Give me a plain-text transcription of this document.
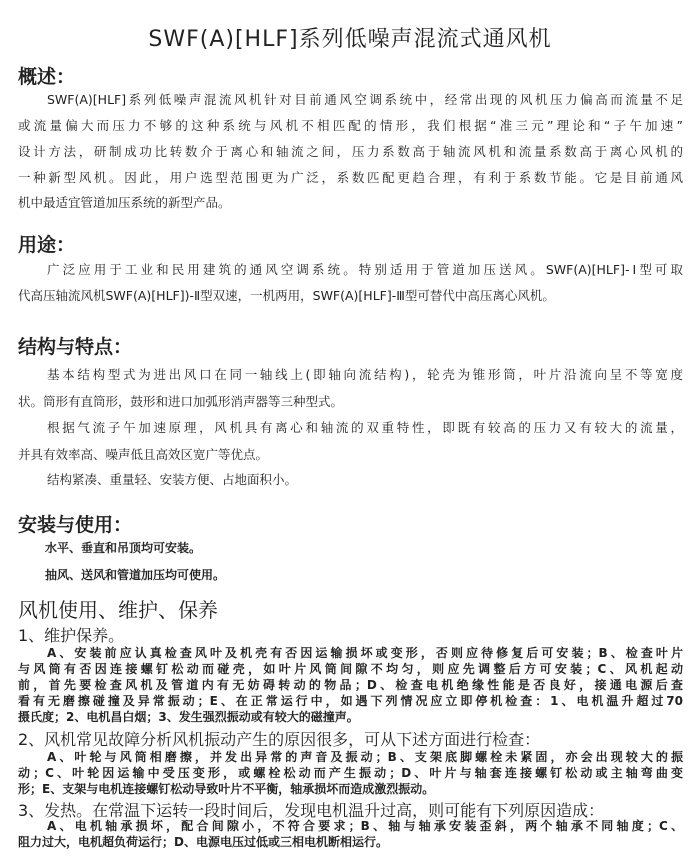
SWF(A)[HLF]系列低噪声混流式通风机
概述：
SWF(A)[HLF]系列低噪声混流风机针对目前通风空调系统中，经常出现的风机压力偏高而流量不足
或流量偏大而压力不够的这种系统与风机不相匹配的情形，我们根据“准三元”理论和“子午加速”
设计方法，研制成功比转数介于离心和轴流之间，压力系数高于轴流风机和流量系数高于离心风机的
一种新型风机。因此，用户选型范围更为广泛，系数匹配更趋合理，有利于系数节能。它是目前通风
机中最适宜管道加压系统的新型产品。
用途：
广泛应用于工业和民用建筑的通风空调系统。特别适用于管道加压送风。SWF(A)[HLF]-Ⅰ型可取
代高压轴流风机SWF(A)[HLF])-Ⅱ型双速，一机两用，SWF(A)[HLF]-Ⅲ型可替代中高压离心风机。
结构与特点：
基本结构型式为进出风口在同一轴线上(即轴向流结构)，轮壳为锥形筒，叶片沿流向呈不等宽度
状。筒形有直筒形，鼓形和进口加弧形消声器等三种型式。
根据气流子午加速原理，风机具有离心和轴流的双重特性，即既有较高的压力又有较大的流量，
并具有效率高、噪声低且高效区宽广等优点。
结构紧凑、重量轻、安装方便、占地面积小。
安装与使用：
水平、垂直和吊顶均可安装。
抽风、送风和管道加压均可使用。
风机使用、维护、保养
1、维护保养。
A、安装前应认真检查风叶及机壳有否因运输损坏或变形，否则应待修复后可安装；B、检查叶片
与风筒有否因连接螺钉松动而碰壳，如叶片风筒间隙不均匀，则应先调整后方可安装；C、风机起动
前，首先要检查风机及管道内有无妨碍转动的物品；D、检查电机绝缘性能是否良好，接通电源后查
看有无磨擦碰撞及异常振动；E、在正常运行中，如遇下列情况应立即停机检查：1、电机温升超过70
摄氏度；2、电机昌白烟；3、发生强烈振动或有较大的磁撞声。
2、风机常见故障分析风机振动产生的原因很多，可从下述方面进行检查：
A、叶轮与风筒相磨擦，并发出异常的声音及振动；B、支架底脚螺栓未紧固，亦会出现较大的振
动；C、叶轮因运输中受压变形，或螺栓松动而产生振动；D、叶片与轴套连接螺钉松动或主轴弯曲变
形；E、支架与电机连接螺钉松动导致叶片不平衡，轴承损坏而造成激烈振动。
3、发热。在常温下运转一段时间后，发现电机温升过高，则可能有下列原因造成：
A、电机轴承损坏，配合间隙小，不符合要求；B、轴与轴承安装歪斜，两个轴承不同轴度；C、
阻力过大，电机超负荷运行；D、电源电压过低或三相电机断相运行。
